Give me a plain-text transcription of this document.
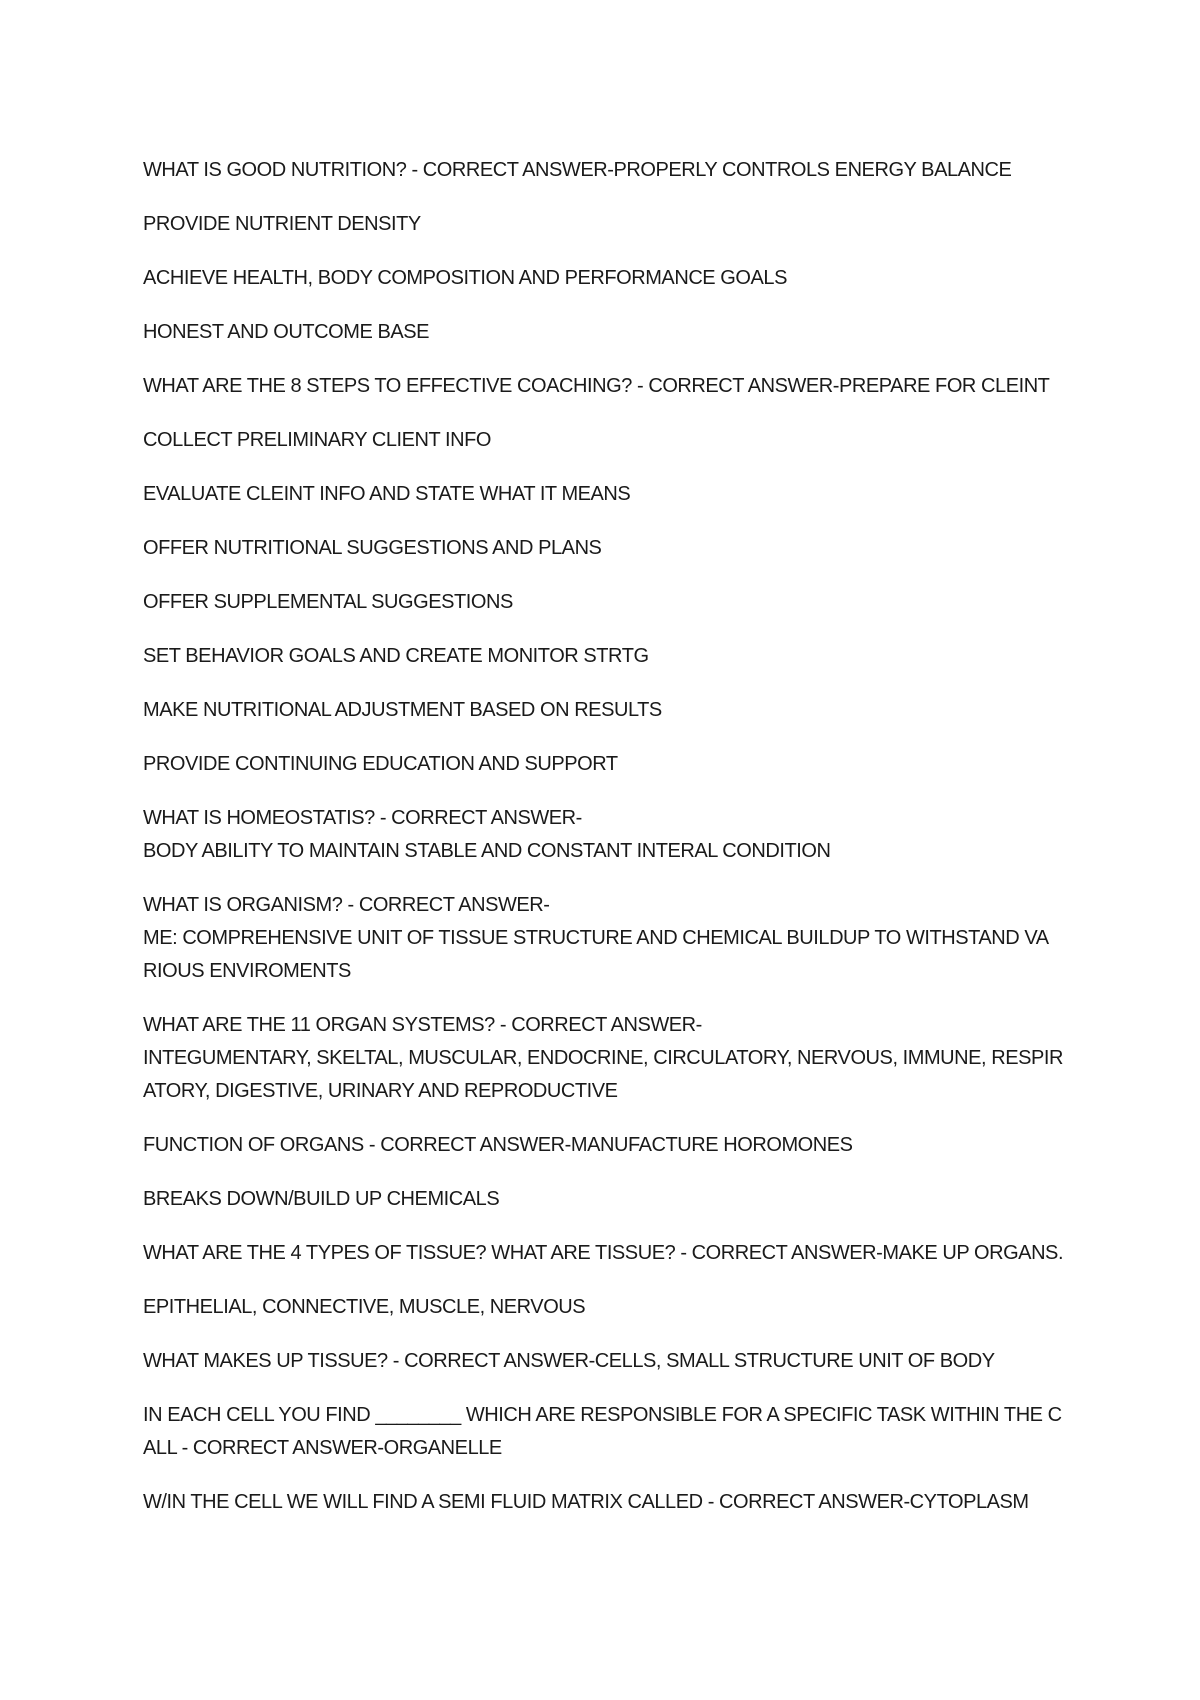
WHAT IS GOOD NUTRITION? - CORRECT ANSWER-PROPERLY CONTROLS ENERGY BALANCE
PROVIDE NUTRIENT DENSITY
ACHIEVE HEALTH, BODY COMPOSITION AND PERFORMANCE GOALS
HONEST AND OUTCOME BASE
WHAT ARE THE 8 STEPS TO EFFECTIVE COACHING? - CORRECT ANSWER-PREPARE FOR CLEINT
COLLECT PRELIMINARY CLIENT INFO
EVALUATE CLEINT INFO AND STATE WHAT IT MEANS
OFFER NUTRITIONAL SUGGESTIONS AND PLANS
OFFER SUPPLEMENTAL SUGGESTIONS
SET BEHAVIOR GOALS AND CREATE MONITOR STRTG
MAKE NUTRITIONAL ADJUSTMENT BASED ON RESULTS
PROVIDE CONTINUING EDUCATION AND SUPPORT
WHAT IS HOMEOSTATIS? - CORRECT ANSWER-
BODY ABILITY TO MAINTAIN STABLE AND CONSTANT INTERAL CONDITION
WHAT IS ORGANISM? - CORRECT ANSWER-
ME: COMPREHENSIVE UNIT OF TISSUE STRUCTURE AND CHEMICAL BUILDUP TO WITHSTAND VA
RIOUS ENVIROMENTS
WHAT ARE THE 11 ORGAN SYSTEMS? - CORRECT ANSWER-
INTEGUMENTARY, SKELTAL, MUSCULAR, ENDOCRINE, CIRCULATORY, NERVOUS, IMMUNE, RESPIR
ATORY, DIGESTIVE, URINARY AND REPRODUCTIVE
FUNCTION OF ORGANS - CORRECT ANSWER-MANUFACTURE HOROMONES
BREAKS DOWN/BUILD UP CHEMICALS
WHAT ARE THE 4 TYPES OF TISSUE? WHAT ARE TISSUE? - CORRECT ANSWER-MAKE UP ORGANS.
EPITHELIAL, CONNECTIVE, MUSCLE, NERVOUS
WHAT MAKES UP TISSUE? - CORRECT ANSWER-CELLS, SMALL STRUCTURE UNIT OF BODY
IN EACH CELL YOU FIND ________ WHICH ARE RESPONSIBLE FOR A SPECIFIC TASK WITHIN THE C
ALL - CORRECT ANSWER-ORGANELLE
W/IN THE CELL WE WILL FIND A SEMI FLUID MATRIX CALLED - CORRECT ANSWER-CYTOPLASM
